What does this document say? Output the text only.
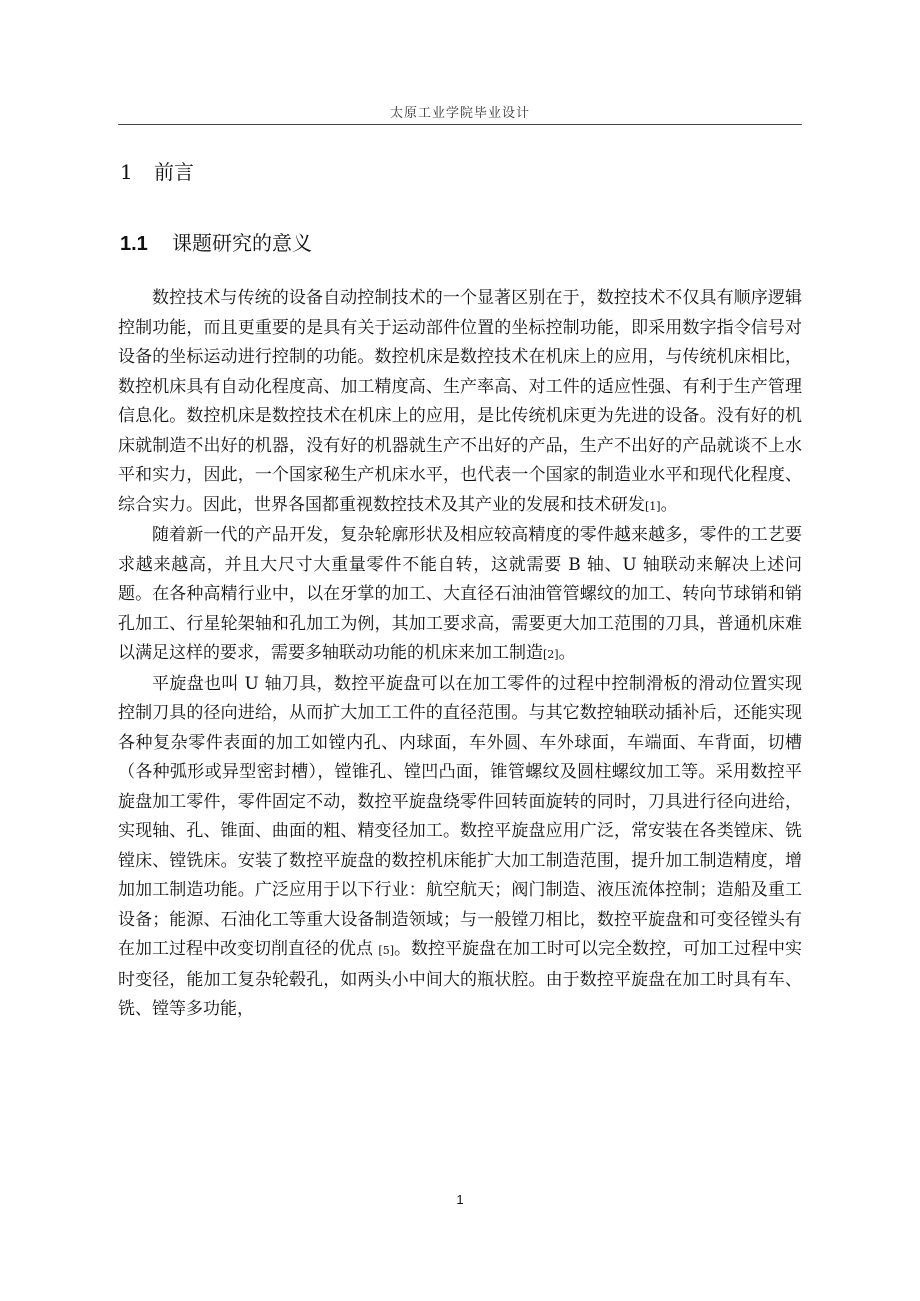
太原工业学院毕业设计
1 前言
1.1 课题研究的意义

数控技术与传统的设备自动控制技术的一个显著区别在于，数控技术不仅具有顺序逻辑控制功能，而且更重要的是具有关于运动部件位置的坐标控制功能，即采用数字指令信号对设备的坐标运动进行控制的功能。数控机床是数控技术在机床上的应用，与传统机床相比，数控机床具有自动化程度高、加工精度高、生产率高、对工件的适应性强、有利于生产管理信息化。数控机床是数控技术在机床上的应用，是比传统机床更为先进的设备。没有好的机床就制造不出好的机器，没有好的机器就生产不出好的产品，生产不出好的产品就谈不上水平和实力，因此，一个国家秘生产机床水平，也代表一个国家的制造业水平和现代化程度、综合实力。因此，世界各国都重视数控技术及其产业的发展和技术研发[1]。

随着新一代的产品开发，复杂轮廓形状及相应较高精度的零件越来越多，零件的工艺要求越来越高，并且大尺寸大重量零件不能自转，这就需要 B 轴、U 轴联动来解决上述问题。在各种高精行业中，以在牙掌的加工、大直径石油油管管螺纹的加工、转向节球销和销孔加工、行星轮架轴和孔加工为例，其加工要求高，需要更大加工范围的刀具，普通机床难以满足这样的要求，需要多轴联动功能的机床来加工制造[2]。

平旋盘也叫 U 轴刀具，数控平旋盘可以在加工零件的过程中控制滑板的滑动位置实现控制刀具的径向进给，从而扩大加工工件的直径范围。与其它数控轴联动插补后，还能实现各种复杂零件表面的加工如镗内孔、内球面，车外圆、车外球面，车端面、车背面，切槽（各种弧形或异型密封槽），镗锥孔、镗凹凸面，锥管螺纹及圆柱螺纹加工等。采用数控平旋盘加工零件，零件固定不动，数控平旋盘绕零件回转面旋转的同时，刀具进行径向进给，实现轴、孔、锥面、曲面的粗、精变径加工。数控平旋盘应用广泛，常安装在各类镗床、铣镗床、镗铣床。安装了数控平旋盘的数控机床能扩大加工制造范围，提升加工制造精度，增加加工制造功能。广泛应用于以下行业：航空航天；阀门制造、液压流体控制；造船及重工设备；能源、石油化工等重大设备制造领域；与一般镗刀相比，数控平旋盘和可变径镗头有在加工过程中改变切削直径的优点 [5]。数控平旋盘在加工时可以完全数控，可加工过程中实时变径，能加工复杂轮毂孔，如两头小中间大的瓶状腔。由于数控平旋盘在加工时具有车、铣、镗等多功能，

1
